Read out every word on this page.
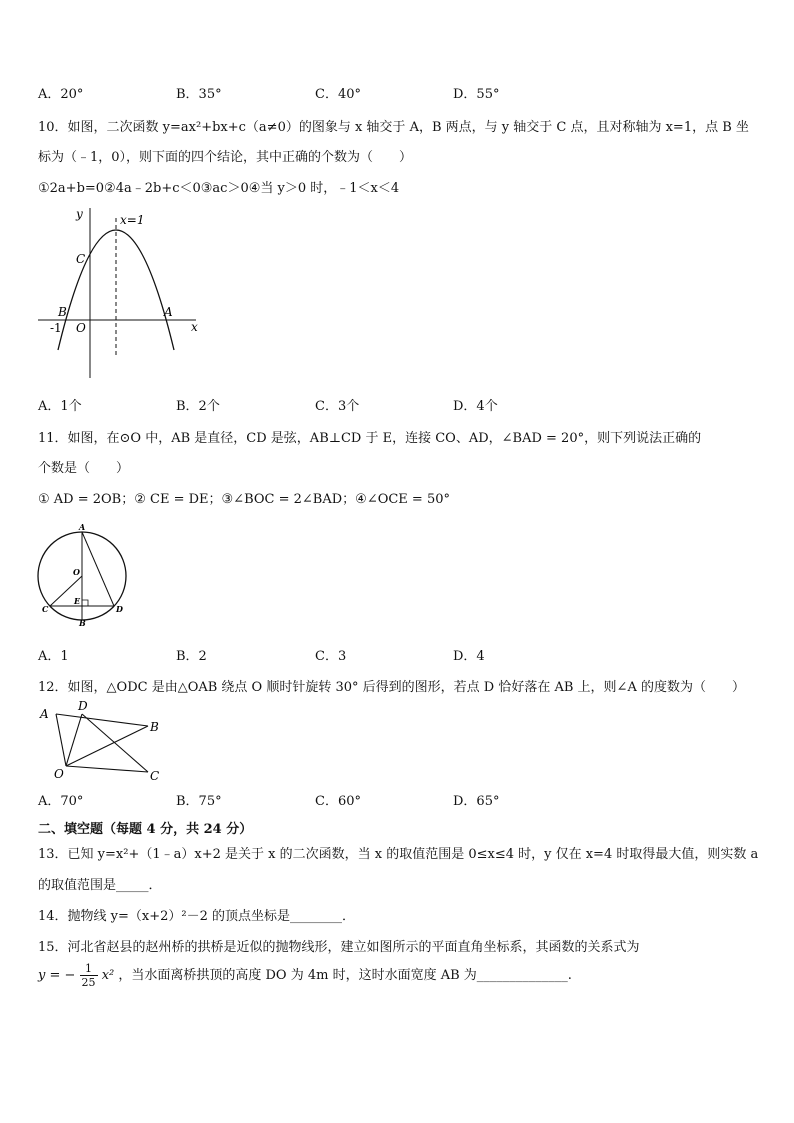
A．20°	B．35°	C．40°	D．55°
10．如图，二次函数 y=ax²+bx+c（a≠0）的图象与 x 轴交于 A，B 两点，与 y 轴交于 C 点，且对称轴为 x=1，点 B 坐
标为（﹣1，0），则下面的四个结论，其中正确的个数为（　　）
①2a+b=0②4a﹣2b+c＜0③ac＞0④当 y＞0 时，﹣1＜x＜4
y
x
x=1
C
B	A
O
-1
A．1个	B．2个	C．3个	D．4个
11．如图，在⊙O 中，AB 是直径，CD 是弦，AB⊥CD 于 E，连接 CO、AD，∠BAD = 20°，则下列说法正确的
个数是（　　）
① AD = 2OB；② CE = DE；③∠BOC = 2∠BAD；④∠OCE = 50°
A
O
E
C	D
B
A．1	B．2	C．3	D．4
12．如图，△ODC 是由△OAB 绕点 O 顺时针旋转 30° 后得到的图形，若点 D 恰好落在 AB 上，则∠A 的度数为（　　）
A
D
B
O	C
A．70°	B．75°	C．60°	D．65°
二、填空题（每题 4 分，共 24 分）
13．已知 y=x²+（1﹣a）x+2 是关于 x 的二次函数，当 x 的取值范围是 0≤x≤4 时，y 仅在 x=4 时取得最大值，则实数 a
的取值范围是_____．
14．抛物线 y=（x+2）²－2 的顶点坐标是________．
15．河北省赵县的赵州桥的拱桥是近似的抛物线形，建立如图所示的平面直角坐标系，其函数的关系式为
y = − $\frac{1}{25} x^2$ ，当水面离桥拱顶的高度 DO 为 4m 时，这时水面宽度 AB 为______________.
